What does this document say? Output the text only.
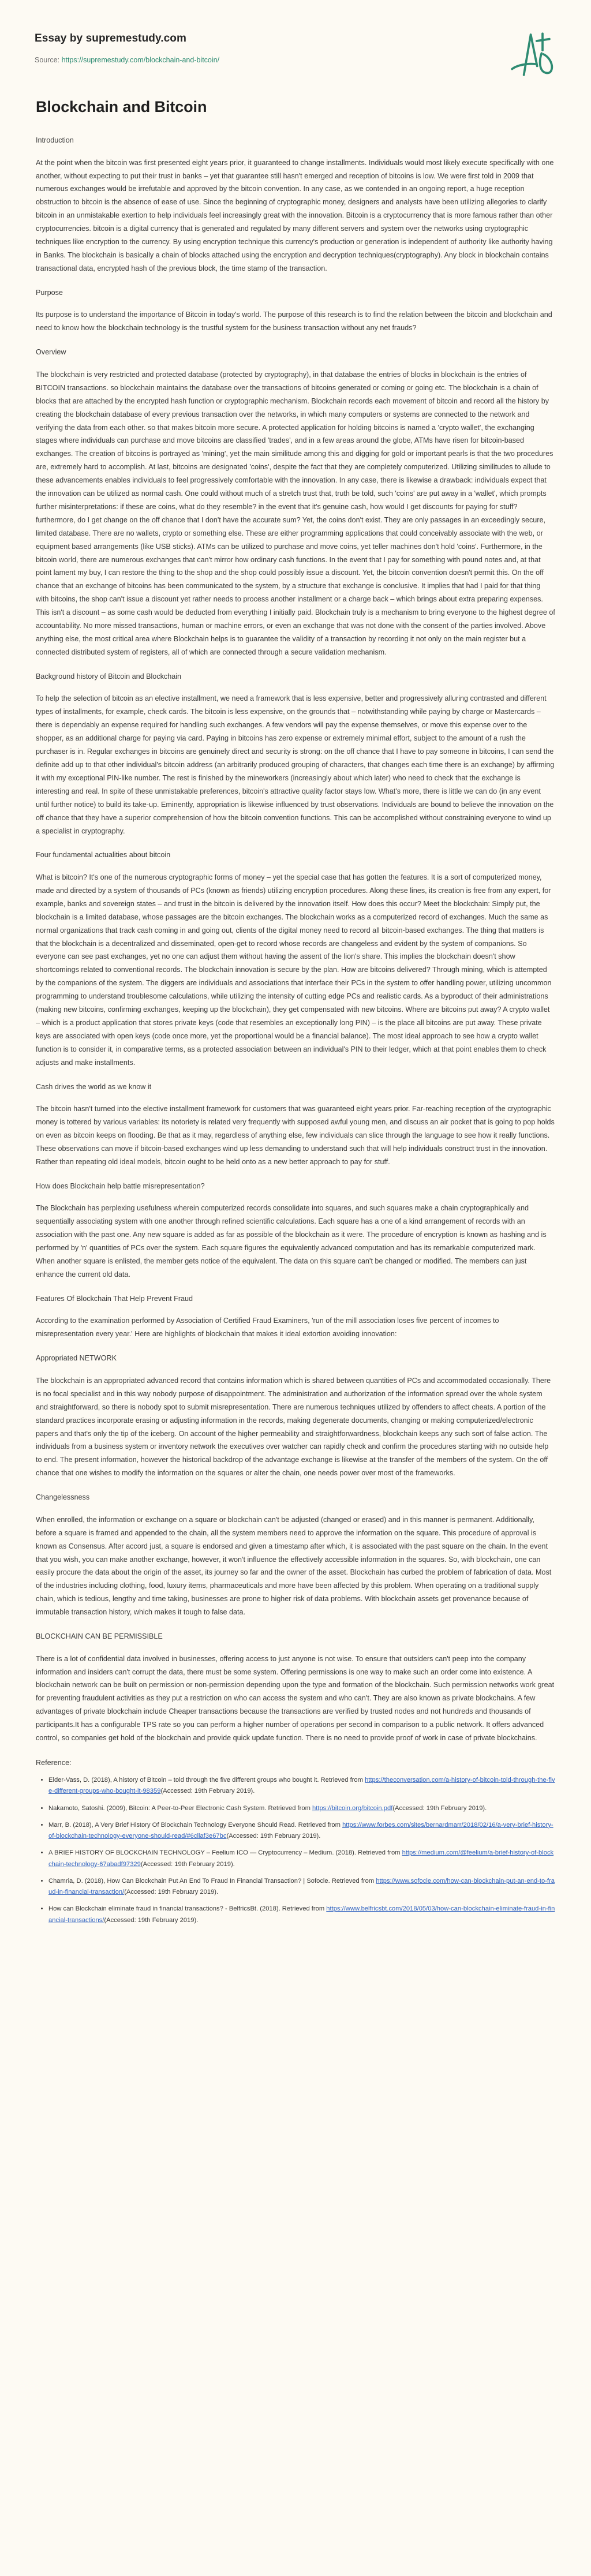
Essay by supremestudy.com
Source: https://supremestudy.com/blockchain-and-bitcoin/
Blockchain and Bitcoin
Introduction

At the point when the bitcoin was first presented eight years prior, it guaranteed to change installments. Individuals would most likely execute specifically with one another, without expecting to put their trust in banks – yet that guarantee still hasn't emerged and reception of bitcoins is low. We were first told in 2009 that numerous exchanges would be irrefutable and approved by the bitcoin convention. In any case, as we contended in an ongoing report, a huge reception obstruction to bitcoin is the absence of ease of use. Since the beginning of cryptographic money, designers and analysts have been utilizing allegories to clarify bitcoin in an unmistakable exertion to help individuals feel increasingly great with the innovation. Bitcoin is a cryptocurrency that is more famous rather than other cryptocurrencies. bitcoin is a digital currency that is generated and regulated by many different servers and system over the networks using cryptographic techniques like encryption to the currency. By using encryption technique this currency's production or generation is independent of authority like authority having in Banks. The blockchain is basically a chain of blocks attached using the encryption and decryption techniques(cryptography). Any block in blockchain contains transactional data, encrypted hash of the previous block, the time stamp of the transaction.

Purpose

Its purpose is to understand the importance of Bitcoin in today's world. The purpose of this research is to find the relation between the bitcoin and blockchain and need to know how the blockchain technology is the trustful system for the business transaction without any net frauds?

Overview

The blockchain is very restricted and protected database (protected by cryptography), in that database the entries of blocks in blockchain is the entries of BITCOIN transactions. so blockchain maintains the database over the transactions of bitcoins generated or coming or going etc. The blockchain is a chain of blocks that are attached by the encrypted hash function or cryptographic mechanism. Blockchain records each movement of bitcoin and record all the history by creating the blockchain database of every previous transaction over the networks, in which many computers or systems are connected to the network and verifying the data from each other. so that makes bitcoin more secure. A protected application for holding bitcoins is named a 'crypto wallet', the exchanging stages where individuals can purchase and move bitcoins are classified 'trades', and in a few areas around the globe, ATMs have risen for bitcoin-based exchanges. The creation of bitcoins is portrayed as 'mining', yet the main similitude among this and digging for gold or important pearls is that the two procedures are, extremely hard to accomplish. At last, bitcoins are designated 'coins', despite the fact that they are completely computerized. Utilizing similitudes to allude to these advancements enables individuals to feel progressively comfortable with the innovation. In any case, there is likewise a drawback: individuals expect that the innovation can be utilized as normal cash. One could without much of a stretch trust that, truth be told, such 'coins' are put away in a 'wallet', which prompts further misinterpretations: if these are coins, what do they resemble? in the event that it's genuine cash, how would I get discounts for paying for stuff? furthermore, do I get change on the off chance that I don't have the accurate sum? Yet, the coins don't exist. They are only passages in an exceedingly secure, limited database. There are no wallets, crypto or something else. These are either programming applications that could conceivably associate with the web, or equipment based arrangements (like USB sticks). ATMs can be utilized to purchase and move coins, yet teller machines don't hold 'coins'. Furthermore, in the bitcoin world, there are numerous exchanges that can't mirror how ordinary cash functions. In the event that I pay for something with pound notes and, at that point lament my buy, I can restore the thing to the shop and the shop could possibly issue a discount. Yet, the bitcoin convention doesn't permit this. On the off chance that an exchange of bitcoins has been communicated to the system, by a structure that exchange is conclusive. It implies that had I paid for that thing with bitcoins, the shop can't issue a discount yet rather needs to process another installment or a charge back – which brings about extra preparing expenses. This isn't a discount – as some cash would be deducted from everything I initially paid. Blockchain truly is a mechanism to bring everyone to the highest degree of accountability. No more missed transactions, human or machine errors, or even an exchange that was not done with the consent of the parties involved. Above anything else, the most critical area where Blockchain helps is to guarantee the validity of a transaction by recording it not only on the main register but a connected distributed system of registers, all of which are connected through a secure validation mechanism.

Background history of Bitcoin and Blockchain

To help the selection of bitcoin as an elective installment, we need a framework that is less expensive, better and progressively alluring contrasted and different types of installments, for example, check cards. The bitcoin is less expensive, on the grounds that – notwithstanding while paying by charge or Mastercards – there is dependably an expense required for handling such exchanges. A few vendors will pay the expense themselves, or move this expense over to the shopper, as an additional charge for paying via card. Paying in bitcoins has zero expense or extremely minimal effort, subject to the amount of a rush the purchaser is in. Regular exchanges in bitcoins are genuinely direct and security is strong: on the off chance that I have to pay someone in bitcoins, I can send the definite add up to that other individual's bitcoin address (an arbitrarily produced grouping of characters, that changes each time there is an exchange) by affirming it with my exceptional PIN-like number. The rest is finished by the mineworkers (increasingly about which later) who need to check that the exchange is interesting and real. In spite of these unmistakable preferences, bitcoin's attractive quality factor stays low. What's more, there is little we can do (in any event until further notice) to build its take-up. Eminently, appropriation is likewise influenced by trust observations. Individuals are bound to believe the innovation on the off chance that they have a superior comprehension of how the bitcoin convention functions. This can be accomplished without constraining everyone to wind up a specialist in cryptography.

Four fundamental actualities about bitcoin

What is bitcoin? It's one of the numerous cryptographic forms of money – yet the special case that has gotten the features. It is a sort of computerized money, made and directed by a system of thousands of PCs (known as friends) utilizing encryption procedures. Along these lines, its creation is free from any expert, for example, banks and sovereign states – and trust in the bitcoin is delivered by the innovation itself. How does this occur? Meet the blockchain: Simply put, the blockchain is a limited database, whose passages are the bitcoin exchanges. The blockchain works as a computerized record of exchanges. Much the same as normal organizations that track cash coming in and going out, clients of the digital money need to record all bitcoin-based exchanges. The thing that matters is that the blockchain is a decentralized and disseminated, open-get to record whose records are changeless and evident by the system of companions. So everyone can see past exchanges, yet no one can adjust them without having the assent of the lion's share. This implies the blockchain doesn't show shortcomings related to conventional records. The blockchain innovation is secure by the plan. How are bitcoins delivered? Through mining, which is attempted by the companions of the system. The diggers are individuals and associations that interface their PCs in the system to offer handling power, utilizing uncommon programming to understand troublesome calculations, while utilizing the intensity of cutting edge PCs and realistic cards. As a byproduct of their administrations (making new bitcoins, confirming exchanges, keeping up the blockchain), they get compensated with new bitcoins. Where are bitcoins put away? A crypto wallet – which is a product application that stores private keys (code that resembles an exceptionally long PIN) – is the place all bitcoins are put away. These private keys are associated with open keys (code once more, yet the proportional would be a financial balance). The most ideal approach to see how a crypto wallet function is to consider it, in comparative terms, as a protected association between an individual's PIN to their ledger, which at that point enables them to check adjusts and make installments.

Cash drives the world as we know it

The bitcoin hasn't turned into the elective installment framework for customers that was guaranteed eight years prior. Far-reaching reception of the cryptographic money is tottered by various variables: its notoriety is related very frequently with supposed awful young men, and discuss an air pocket that is going to pop holds on even as bitcoin keeps on flooding. Be that as it may, regardless of anything else, few individuals can slice through the language to see how it really functions. These observations can move if bitcoin-based exchanges wind up less demanding to understand such that will help individuals construct trust in the innovation. Rather than repeating old ideal models, bitcoin ought to be held onto as a new better approach to pay for stuff.

How does Blockchain help battle misrepresentation?

The Blockchain has perplexing usefulness wherein computerized records consolidate into squares, and such squares make a chain cryptographically and sequentially associating system with one another through refined scientific calculations. Each square has a one of a kind arrangement of records with an association with the past one. Any new square is added as far as possible of the blockchain as it were. The procedure of encryption is known as hashing and is performed by 'n' quantities of PCs over the system. Each square figures the equivalently advanced computation and has its remarkable computerized mark. When another square is enlisted, the member gets notice of the equivalent. The data on this square can't be changed or modified. The members can just enhance the current old data.

Features Of Blockchain That Help Prevent Fraud

According to the examination performed by Association of Certified Fraud Examiners, 'run of the mill association loses five percent of incomes to misrepresentation every year.' Here are highlights of blockchain that makes it ideal extortion avoiding innovation:

Appropriated NETWORK

The blockchain is an appropriated advanced record that contains information which is shared between quantities of PCs and accommodated occasionally. There is no focal specialist and in this way nobody purpose of disappointment. The administration and authorization of the information spread over the whole system and straightforward, so there is nobody spot to submit misrepresentation. There are numerous techniques utilized by offenders to affect cheats. A portion of the standard practices incorporate erasing or adjusting information in the records, making degenerate documents, changing or making computerized/electronic papers and that's only the tip of the iceberg. On account of the higher permeability and straightforwardness, blockchain keeps any such sort of false action. The individuals from a business system or inventory network the executives over watcher can rapidly check and confirm the procedures starting with no outside help to end. The present information, however the historical backdrop of the advantage exchange is likewise at the transfer of the members of the system. On the off chance that one wishes to modify the information on the squares or alter the chain, one needs power over most of the frameworks.

Changelessness

When enrolled, the information or exchange on a square or blockchain can't be adjusted (changed or erased) and in this manner is permanent. Additionally, before a square is framed and appended to the chain, all the system members need to approve the information on the square. This procedure of approval is known as Consensus. After accord just, a square is endorsed and given a timestamp after which, it is associated with the past square on the chain. In the event that you wish, you can make another exchange, however, it won't influence the effectively accessible information in the squares. So, with blockchain, one can easily procure the data about the origin of the asset, its journey so far and the owner of the asset. Blockchain has curbed the problem of fabrication of data. Most of the industries including clothing, food, luxury items, pharmaceuticals and more have been affected by this problem. When operating on a traditional supply chain, which is tedious, lengthy and time taking, businesses are prone to higher risk of data problems. With blockchain assets get provenance because of immutable transaction history, which makes it tough to false data.

BLOCKCHAIN CAN BE PERMISSIBLE

There is a lot of confidential data involved in businesses, offering access to just anyone is not wise. To ensure that outsiders can't peep into the company information and insiders can't corrupt the data, there must be some system. Offering permissions is one way to make such an order come into existence. A blockchain network can be built on permission or non-permission depending upon the type and formation of the blockchain. Such permission networks work great for preventing fraudulent activities as they put a restriction on who can access the system and who can't. They are also known as private blockchains. A few advantages of private blockchain include Cheaper transactions because the transactions are verified by trusted nodes and not hundreds and thousands of participants.It has a configurable TPS rate so you can perform a higher number of operations per second in comparison to a public network. It offers advanced control, so companies get hold of the blockchain and provide quick update function. There is no need to provide proof of work in case of private blockchains.

Reference:
• Elder-Vass, D. (2018), A history of Bitcoin – told through the five different groups who bought it. Retrieved from https://theconversation.com/a-history-of-bitcoin-told-through-the-five-different-groups-who-bought-it-98359(Accessed: 19th February 2019).
• Nakamoto, Satoshi. (2009), Bitcoin: A Peer-to-Peer Electronic Cash System. Retrieved from https://bitcoin.org/bitcoin.pdf(Accessed: 19th February 2019).
• Marr, B. (2018), A Very Brief History Of Blockchain Technology Everyone Should Read. Retrieved from https://www.forbes.com/sites/bernardmarr/2018/02/16/a-very-brief-history-of-blockchain-technology-everyone-should-read/#6cllaf3e67bc(Accessed: 19th February 2019).
• A BRIEF HISTORY OF BLOCKCHAIN TECHNOLOGY – Feelium ICO — Cryptocurrency – Medium. (2018). Retrieved from https://medium.com/@feelium/a-brief-history-of-blockchain-technology-67abadf97329(Accessed: 19th February 2019).
• Chamria, D. (2018), How Can Blockchain Put An End To Fraud In Financial Transaction? | Sofocle. Retrieved from https://www.sofocle.com/how-can-blockchain-put-an-end-to-fraud-in-financial-transaction/(Accessed: 19th February 2019).
• How can Blockchain eliminate fraud in financial transactions? - BelfricsBt. (2018). Retrieved from https://www.belfricsbt.com/2018/05/03/how-can-blockchain-eliminate-fraud-in-financial-transactions/(Accessed: 19th February 2019).
